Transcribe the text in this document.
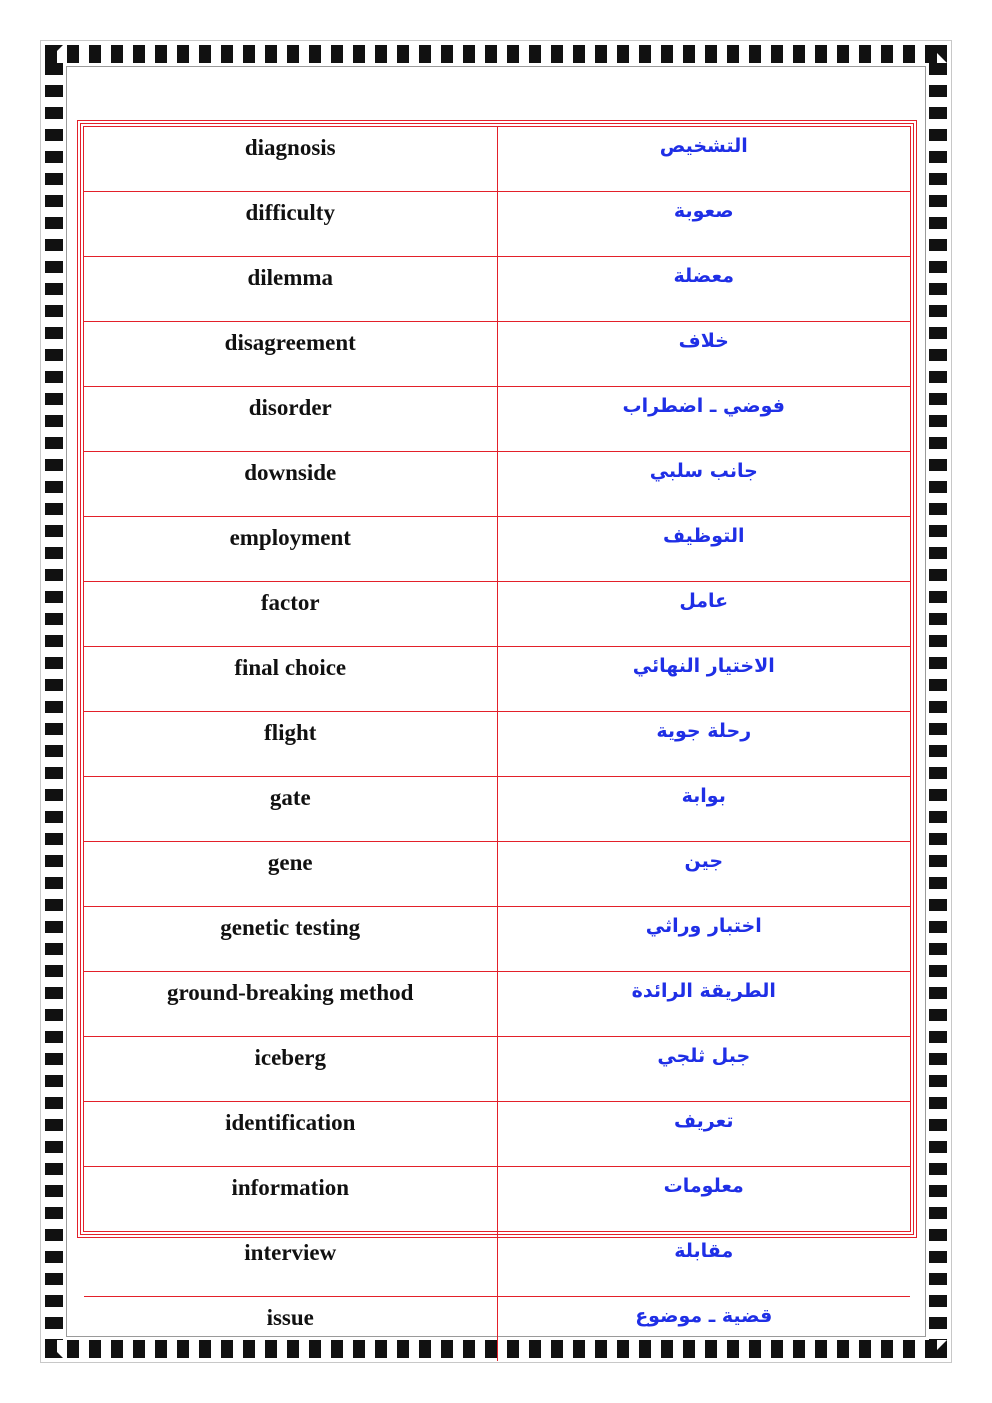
diagnosis	التشخيص
difficulty	صعوبة
dilemma	معضلة
disagreement	خلاف
disorder	فوضي ـ اضطراب
downside	جانب سلبي
employment	التوظيف
factor	عامل
final choice	الاختيار النهائي
flight	رحلة جوية
gate	بوابة
gene	جين
genetic testing	اختبار وراثي
ground-breaking method	الطريقة الرائدة
iceberg	جبل ثلجي
identification	تعريف
information	معلومات
interview	مقابلة
issue	قضية ـ موضوع
